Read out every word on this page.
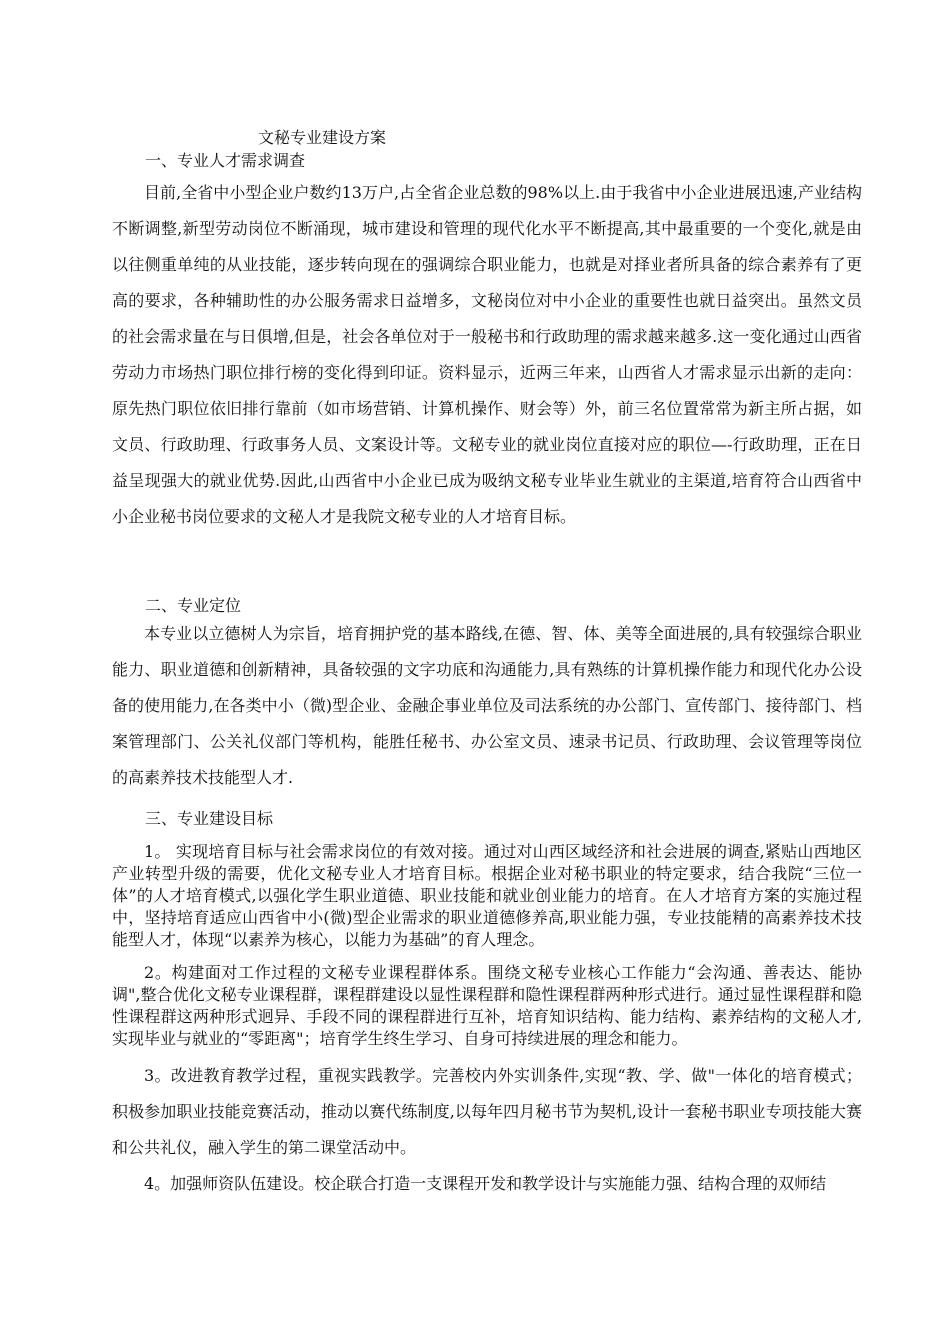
文秘专业建设方案
一、专业人才需求调查

目前,全省中小型企业户数约13万户,占全省企业总数的98%以上.由于我省中小企业进展迅速,产业结构不断调整,新型劳动岗位不断涌现，城市建设和管理的现代化水平不断提高,其中最重要的一个变化,就是由以往侧重单纯的从业技能，逐步转向现在的强调综合职业能力，也就是对择业者所具备的综合素养有了更高的要求，各种辅助性的办公服务需求日益增多，文秘岗位对中小企业的重要性也就日益突出。虽然文员的社会需求量在与日俱增,但是，社会各单位对于一般秘书和行政助理的需求越来越多.这一变化通过山西省劳动力市场热门职位排行榜的变化得到印证。资料显示，近两三年来，山西省人才需求显示出新的走向：原先热门职位依旧排行靠前（如市场营销、计算机操作、财会等）外，前三名位置常常为新主所占据，如文员、行政助理、行政事务人员、文案设计等。文秘专业的就业岗位直接对应的职位—-行政助理，正在日益呈现强大的就业优势.因此,山西省中小企业已成为吸纳文秘专业毕业生就业的主渠道,培育符合山西省中小企业秘书岗位要求的文秘人才是我院文秘专业的人才培育目标。

二、专业定位

本专业以立德树人为宗旨，培育拥护党的基本路线,在德、智、体、美等全面进展的,具有较强综合职业能力、职业道德和创新精神，具备较强的文字功底和沟通能力,具有熟练的计算机操作能力和现代化办公设备的使用能力,在各类中小（微)型企业、金融企事业单位及司法系统的办公部门、宣传部门、接待部门、档案管理部门、公关礼仪部门等机构，能胜任秘书、办公室文员、速录书记员、行政助理、会议管理等岗位的高素养技术技能型人才.

三、专业建设目标

1。 实现培育目标与社会需求岗位的有效对接。通过对山西区域经济和社会进展的调查,紧贴山西地区产业转型升级的需要，优化文秘专业人才培育目标。根据企业对秘书职业的特定要求，结合我院“三位一体”的人才培育模式,以强化学生职业道德、职业技能和就业创业能力的培育。在人才培育方案的实施过程中，坚持培育适应山西省中小(微)型企业需求的职业道德修养高,职业能力强，专业技能精的高素养技术技能型人才，体现“以素养为核心，以能力为基础”的育人理念。

2。构建面对工作过程的文秘专业课程群体系。围绕文秘专业核心工作能力“会沟通、善表达、能协调",整合优化文秘专业课程群，课程群建设以显性课程群和隐性课程群两种形式进行。通过显性课程群和隐性课程群这两种形式迥异、手段不同的课程群进行互补，培育知识结构、能力结构、素养结构的文秘人才,实现毕业与就业的“零距离"；培育学生终生学习、自身可持续进展的理念和能力。

3。改进教育教学过程，重视实践教学。完善校内外实训条件,实现“教、学、做"一体化的培育模式；积极参加职业技能竞赛活动，推动以赛代练制度,以每年四月秘书节为契机,设计一套秘书职业专项技能大赛和公共礼仪，融入学生的第二课堂活动中。

4。加强师资队伍建设。校企联合打造一支课程开发和教学设计与实施能力强、结构合理的双师结
